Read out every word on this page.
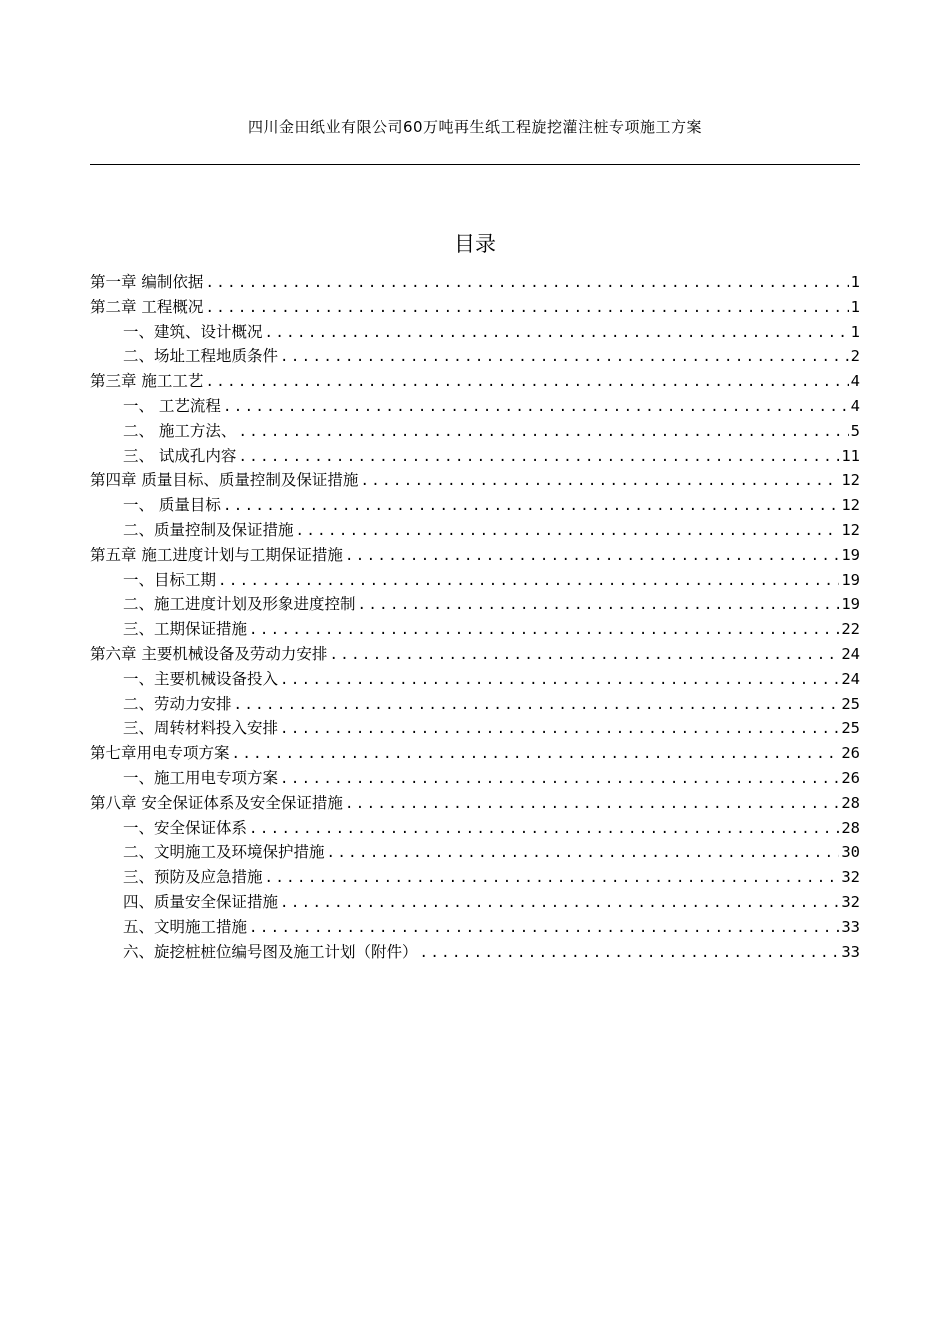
四川金田纸业有限公司60万吨再生纸工程旋挖灌注桩专项施工方案
目录
第一章 编制依据 .....	1
第二章 工程概况 .....	1
一、建筑、设计概况 .....	1
二、场址工程地质条件 .....	2
第三章 施工工艺 .....	4
一、 工艺流程 .....	4
二、 施工方法、 .....	5
三、 试成孔内容 .....	11
第四章 质量目标、质量控制及保证措施 .....	12
一、 质量目标 .....	12
二、质量控制及保证措施 .....	12
第五章 施工进度计划与工期保证措施 .....	19
一、目标工期 .....	19
二、施工进度计划及形象进度控制 .....	19
三、工期保证措施 .....	22
第六章 主要机械设备及劳动力安排 .....	24
一、主要机械设备投入 .....	24
二、劳动力安排 .....	25
三、周转材料投入安排 .....	25
第七章用电专项方案 .....	26
一、施工用电专项方案 .....	26
第八章 安全保证体系及安全保证措施 .....	28
一、安全保证体系 .....	28
二、文明施工及环境保护措施 .....	30
三、预防及应急措施 .....	32
四、质量安全保证措施 .....	32
五、文明施工措施 .....	33
六、旋挖桩桩位编号图及施工计划（附件） .....	33
